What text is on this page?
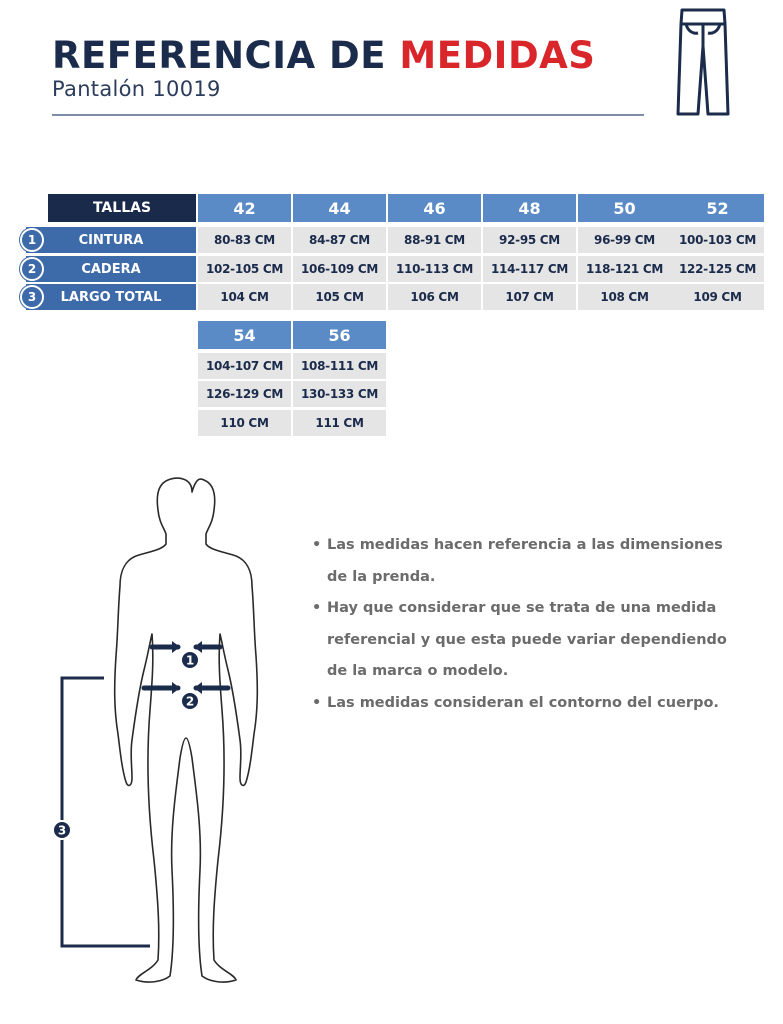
REFERENCIA DE MEDIDAS
Pantalón 10019
TALLAS
CINTURA
1
CADERA
2
LARGO TOTAL
3
42
80-83 CM
102-105 CM
104 CM
44
84-87 CM
106-109 CM
105 CM
46
88-91 CM
110-113 CM
106 CM
48
92-95 CM
114-117 CM
107 CM
50
96-99 CM
118-121 CM
108 CM
52
100-103 CM
122-125 CM
109 CM
54
104-107 CM
126-129 CM
110 CM
56
108-111 CM
130-133 CM
111 CM
1
2
3
• Las medidas hacen referencia a las dimensiones
de la prenda.
• Hay que considerar que se trata de una medida
referencial y que esta puede variar dependiendo
de la marca o modelo.
• Las medidas consideran el contorno del cuerpo.
